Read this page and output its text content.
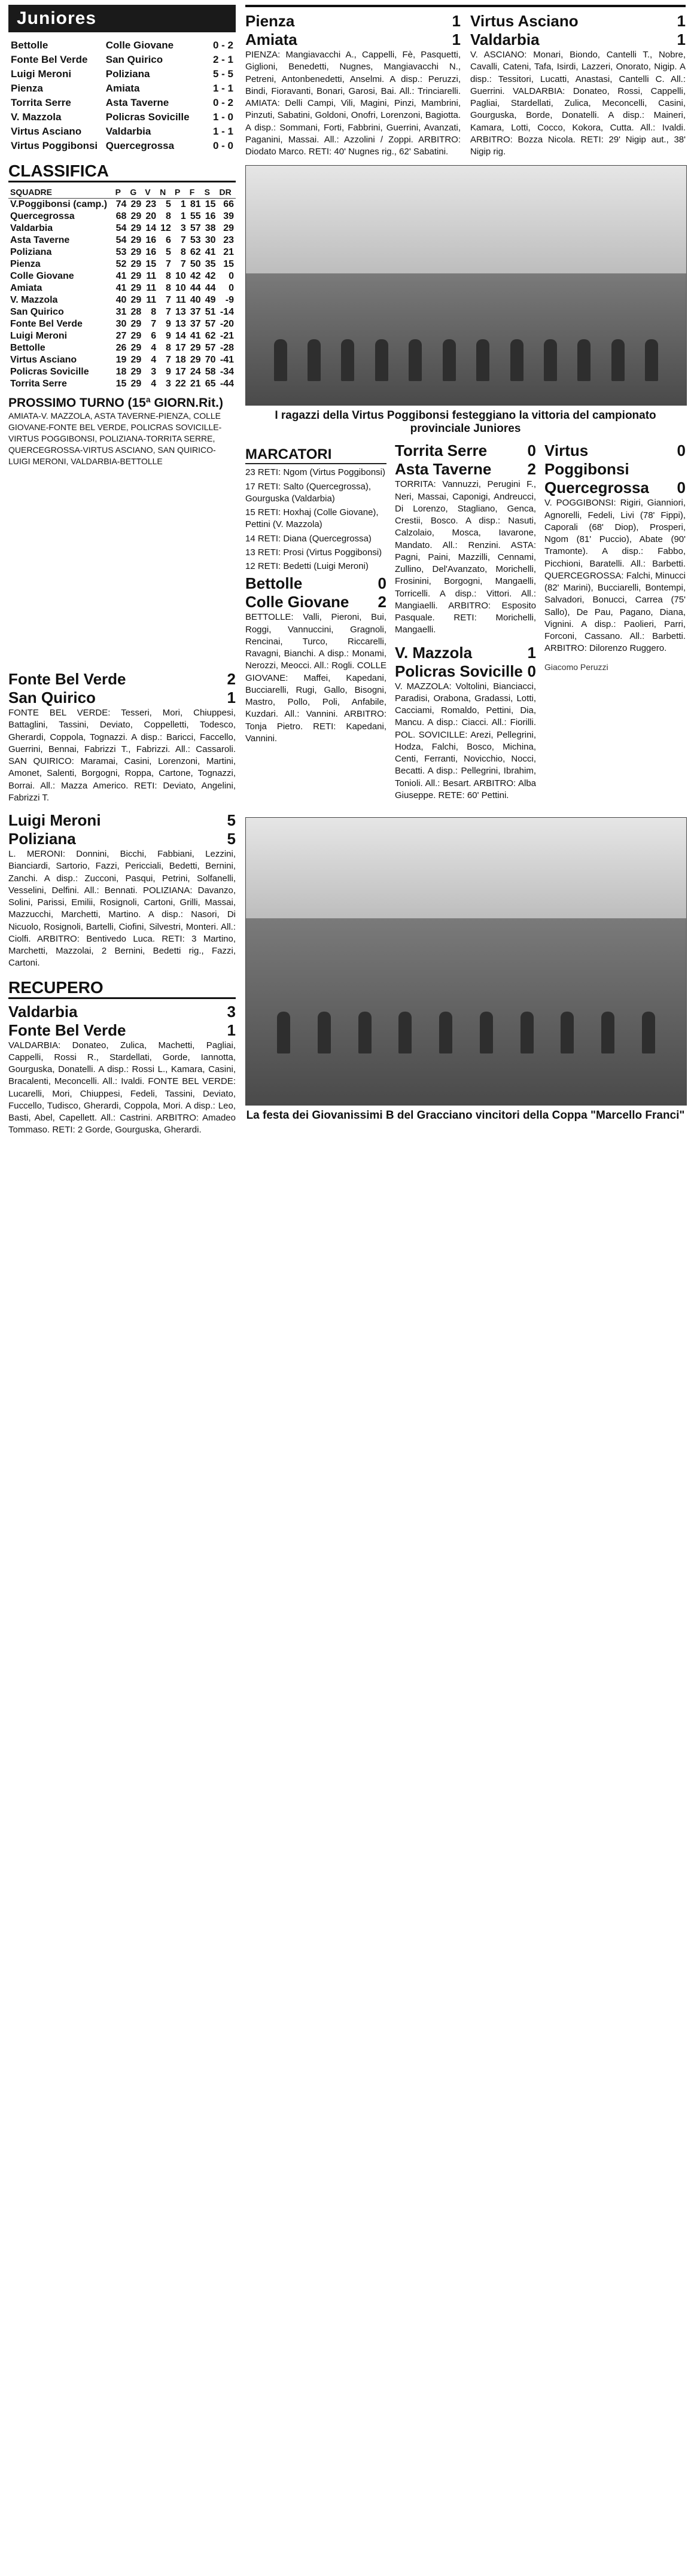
Juniores
Bettolle	Colle Giovane	0 - 2
Fonte Bel Verde	San Quirico	2 - 1
Luigi Meroni	Poliziana	5 - 5
Pienza	Amiata	1 - 1
Torrita Serre	Asta Taverne	0 - 2
V. Mazzola	Policras Sovicille	1 - 0
Virtus Asciano	Valdarbia	1 - 1
Virtus Poggibonsi	Quercegrossa	0 - 0
CLASSIFICA
SQUADRE	P	G	V	N	P	F	S	DR
V.Poggibonsi (camp.)	74	29	23	5	1	81	15	66
Quercegrossa	68	29	20	8	1	55	16	39
Valdarbia	54	29	14	12	3	57	38	29
Asta Taverne	54	29	16	6	7	53	30	23
Poliziana	53	29	16	5	8	62	41	21
Pienza	52	29	15	7	7	50	35	15
Colle Giovane	41	29	11	8	10	42	42	0
Amiata	41	29	11	8	10	44	44	0
V. Mazzola	40	29	11	7	11	40	49	-9
San Quirico	31	28	8	7	13	37	51	-14
Fonte Bel Verde	30	29	7	9	13	37	57	-20
Luigi Meroni	27	29	6	9	14	41	62	-21
Bettolle	26	29	4	8	17	29	57	-28
Virtus Asciano	19	29	4	7	18	29	70	-41
Policras Sovicille	18	29	3	9	17	24	58	-34
Torrita Serre	15	29	4	3	22	21	65	-44
PROSSIMO TURNO (15ª GIORN.Rit.)
AMIATA-V. MAZZOLA, ASTA TAVERNE-PIENZA, COLLE GIOVANE-FONTE BEL VERDE, POLICRAS SOVICILLE-VIRTUS POGGIBONSI, POLIZIANA-TORRITA SERRE, QUERCEGROSSA-VIRTUS ASCIANO, SAN QUIRICO-LUIGI MERONI, VALDARBIA-BETTOLLE
Pienza	1
Amiata	1
PIENZA: Mangiavacchi A., Cappelli, Fè, Pasquetti, Giglioni, Benedetti, Nugnes, Mangiavacchi N., Petreni, Antonbenedetti, Anselmi. A disp.: Peruzzi, Bindi, Fioravanti, Bonari, Garosi, Bai. All.: Trinciarelli. AMIATA: Delli Campi, Vili, Magini, Pinzi, Mambrini, Pinzuti, Sabatini, Goldoni, Onofri, Lorenzoni, Bagiotta. A disp.: Sommani, Forti, Fabbrini, Guerrini, Avanzati, Paganini, Massai. All.: Azzolini / Zoppi. ARBITRO: Diodato Marco. RETI: 40' Nugnes rig., 62' Sabatini.
Virtus Asciano	1
Valdarbia	1
V. ASCIANO: Monari, Biondo, Cantelli T., Nobre, Cavalli, Cateni, Tafa, Isirdi, Lazzeri, Onorato, Nigip. A disp.: Tessitori, Lucatti, Anastasi, Cantelli C. All.: Guerrini. VALDARBIA: Donateo, Rossi, Cappelli, Pagliai, Stardellati, Zulica, Meconcelli, Casini, Gourguska, Borde, Donatelli. A disp.: Maineri, Kamara, Lotti, Cocco, Kokora, Cutta. All.: Ivaldi. ARBITRO: Bozza Nicola. RETI: 29' Nigip aut., 38' Nigip rig.
I ragazzi della Virtus Poggibonsi festeggiano la vittoria del campionato provinciale Juniores
MARCATORI
23 RETI: Ngom (Virtus Poggibonsi)
17 RETI: Salto (Quercegrossa), Gourguska (Valdarbia)
15 RETI: Hoxhaj (Colle Giovane), Pettini (V. Mazzola)
14 RETI: Diana (Quercegrossa)
13 RETI: Prosi (Virtus Poggibonsi)
12 RETI: Bedetti (Luigi Meroni)
Bettolle	0
Colle Giovane 2
BETTOLLE: Valli, Pieroni, Bui, Roggi, Vannuccini, Gragnoli, Rencinai, Turco, Riccarelli, Ravagni, Bianchi. A disp.: Monami, Nerozzi, Meocci. All.: Rogli. COLLE GIOVANE: Maffei, Kapedani, Bucciarelli, Rugi, Gallo, Bisogni, Mastro, Pollo, Poli, Anfabile, Kuzdari. All.: Vannini. ARBITRO: Tonja Pietro. RETI: Kapedani, Vannini.
Torrita Serre	0
Asta Taverne 2
TORRITA: Vannuzzi, Perugini F., Neri, Massai, Caponigi, Andreucci, Di Lorenzo, Stagliano, Genca, Crestii, Bosco. A disp.: Nasuti, Calzolaio, Mosca, Iavarone, Mandato. All.: Renzini. ASTA: Pagni, Paini, Mazzilli, Cennami, Zullino, Del'Avanzato, Morichelli, Frosinini, Borgogni, Mangaelli, Torricelli. A disp.: Vittori. All.: Mangiaelli. ARBITRO: Esposito Pasquale. RETI: Morichelli, Mangaelli.
V. Mazzola	1
Policras Sovicille 0
V. MAZZOLA: Voltolini, Bianciacci, Paradisi, Orabona, Gradassi, Lotti, Cacciami, Romaldo, Pettini, Dia, Mancu. A disp.: Ciacci. All.: Fiorilli. POL. SOVICILLE: Arezi, Pellegrini, Hodza, Falchi, Bosco, Michina, Centi, Ferranti, Novicchio, Nocci, Becatti. A disp.: Pellegrini, Ibrahim, Tonioli. All.: Besart. ARBITRO: Alba Giuseppe. RETE: 60' Pettini.
Virtus Poggibonsi
0
Quercegrossa 0
V. POGGIBONSI: Rigiri, Gianniori, Agnorelli, Fedeli, Livi (78' Fippi), Caporali (68' Diop), Prosperi, Ngom (81' Puccio), Abate (90' Tramonte). A disp.: Fabbo, Picchioni, Baratelli. All.: Barbetti. QUERCEGROSSA: Falchi, Minucci (82' Marini), Bucciarelli, Bontempi, Salvadori, Bonucci, Carrea (75' Sallo), De Pau, Pagano, Diana, Vignini. A disp.: Paolieri, Parri, Forconi, Cassano. All.: Barbetti. ARBITRO: Dilorenzo Ruggero.
Giacomo Peruzzi
La festa dei Giovanissimi B del Gracciano vincitori della Coppa "Marcello Franci"
Fonte Bel Verde	2
San Quirico	1
FONTE BEL VERDE: Tesseri, Mori, Chiuppesi, Battaglini, Tassini, Deviato, Coppelletti, Todesco, Gherardi, Coppola, Tognazzi. A disp.: Baricci, Faccello, Guerrini, Bennai, Fabrizzi T., Fabrizzi. All.: Cassaroli. SAN QUIRICO: Maramai, Casini, Lorenzoni, Martini, Amonet, Salenti, Borgogni, Roppa, Cartone, Tognazzi, Borrai. All.: Mazza Americo. RETI: Deviato, Angelini, Fabrizzi T.
Luigi Meroni	5
Poliziana	5
L. MERONI: Donnini, Bicchi, Fabbiani, Lezzini, Bianciardi, Sartorio, Fazzi, Pericciali, Bedetti, Bernini, Zanchi. A disp.: Zucconi, Pasqui, Petrini, Solfanelli, Vesselini, Delfini. All.: Bennati. POLIZIANA: Davanzo, Solini, Parissi, Emilii, Rosignoli, Cartoni, Grilli, Massai, Mazzucchi, Marchetti, Martino. A disp.: Nasori, Di Nicuolo, Rosignoli, Bartelli, Ciofini, Silvestri, Monteri. All.: Ciolfi. ARBITRO: Bentivedo Luca. RETI: 3 Martino, Marchetti, Mazzolai, 2 Bernini, Bedetti rig., Fazzi, Cartoni.
RECUPERO
Valdarbia	3
Fonte Bel Verde	1
VALDARBIA: Donateo, Zulica, Machetti, Pagliai, Cappelli, Rossi R., Stardellati, Gorde, Iannotta, Gourguska, Donatelli. A disp.: Rossi L., Kamara, Casini, Bracalenti, Meconcelli. All.: Ivaldi. FONTE BEL VERDE: Lucarelli, Mori, Chiuppesi, Fedeli, Tassini, Deviato, Fuccello, Tudisco, Gherardi, Coppola, Mori. A disp.: Leo, Basti, Abel, Capellett. All.: Castrini. ARBITRO: Amadeo Tommaso. RETI: 2 Gorde, Gourguska, Gherardi.
